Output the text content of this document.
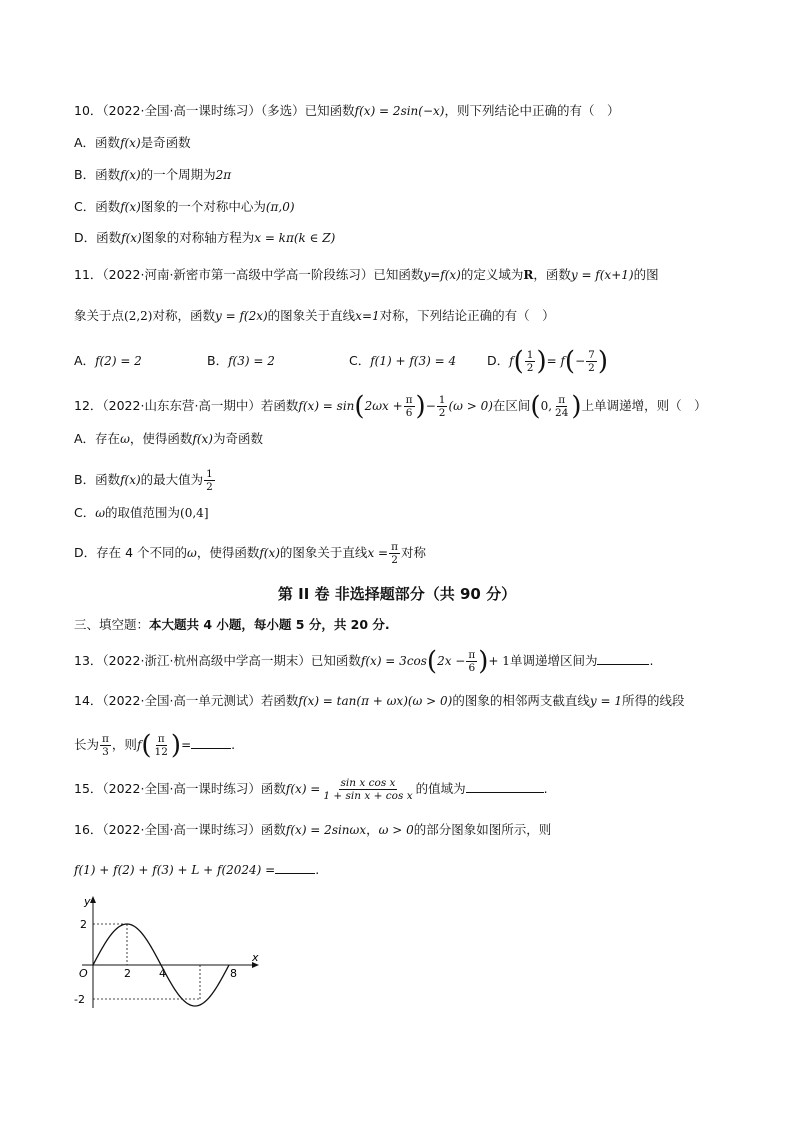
10．（2022·全国·高一课时练习）（多选）已知函数f(x) = 2sin(−x)，则下列结论中正确的有（　）
A．函数f(x)是奇函数
B．函数f(x)的一个周期为2π
C．函数f(x)图象的一个对称中心为(π,0)
D．函数f(x)图象的对称轴方程为x = kπ(k ∈ Z)
11．（2022·河南·新密市第一高级中学高一阶段练习）已知函数y=f(x)的定义域为R，函数y = f(x+1)的图
象关于点(2,2)对称，函数y = f(2x)的图象关于直线x=1对称，下列结论正确的有（　）
A．f(2) = 2	B．f(3) = 2	C．f(1) + f(3) = 4 D．$f( \frac{1}{2}$ )= $f(- \frac{7}{2}$ )
12．（2022·山东东营·高一期中）若函数$f(x) = \sin(2\omega x + \frac{\pi}{6}$ )− $\frac{1}{2} (\omega > 0)$在区间(0, $\frac{\pi}{24}$ )上单调递增，则（　）
A．存在ω，使得函数f(x)为奇函数
B．函数f(x)的最大值为 $\frac{1}{2}$
C．ω的取值范围为(0,4]
D．存在 4 个不同的ω，使得函数f(x)的图象关于直线$x = \frac{\pi}{2}$ 对称
第 II 卷 非选择题部分（共 90 分）
三、填空题：本大题共 4 小题，每小题 5 分，共 20 分.
13．（2022·浙江·杭州高级中学高一期末）已知函数$f(x) = 3\cos(2x - \frac{\pi}{6}$ )+ 1单调递增区间为	.
14．（2022·全国·高一单元测试）若函数f(x) = tan(π + ωx)(ω > 0)的图象的相邻两支截直线y = 1所得的线段
长为 $\frac{\pi}{3}$ ，则$f( \frac{\pi}{12}$ )=	.
15．（2022·全国·高一课时练习）函数$f(x) = \frac{\text{sin x cos x}}{\text{1 + sin x + cos x}}$ 的值域为	.
16．（2022·全国·高一课时练习）函数f(x) = 2sinωx，ω > 0的部分图象如图所示，则
f(1) + f(2) + f(3) + L + f(2024) =	.
y
x
O
2
-2
2	4	8
